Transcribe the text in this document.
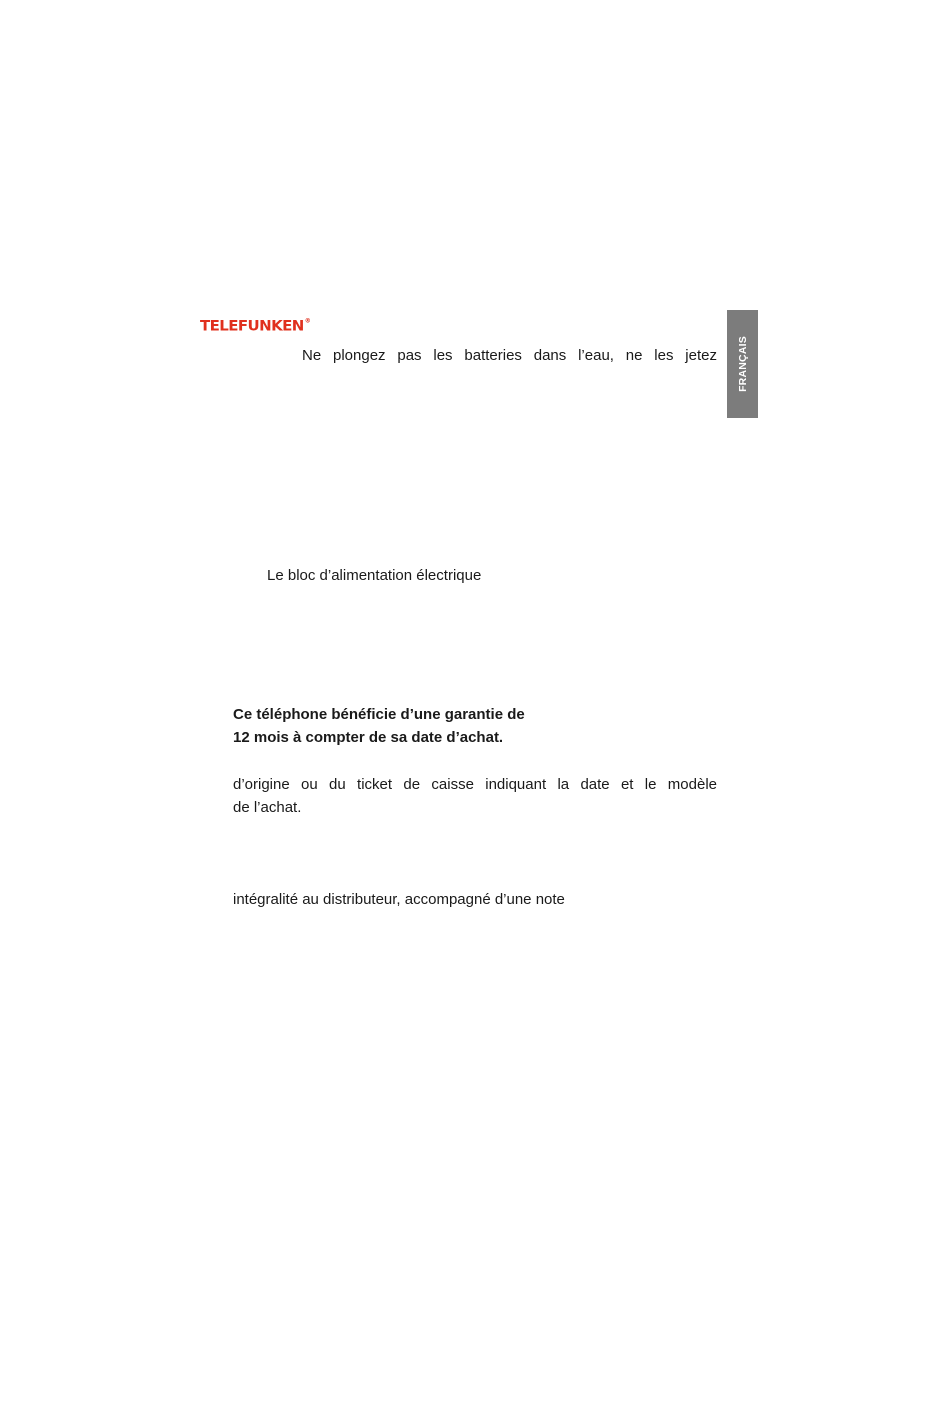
TELEFUNKEN®
FRANÇAIS

Ne plongez pas les batteries dans l’eau, ne les jetez

Le bloc d’alimentation électrique

Ce téléphone bénéficie d’une garantie de
12 mois à compter de sa date d’achat.

d’origine ou du ticket de caisse indiquant la date et le modèle
de l’achat.

intégralité au distributeur, accompagné d’une note
